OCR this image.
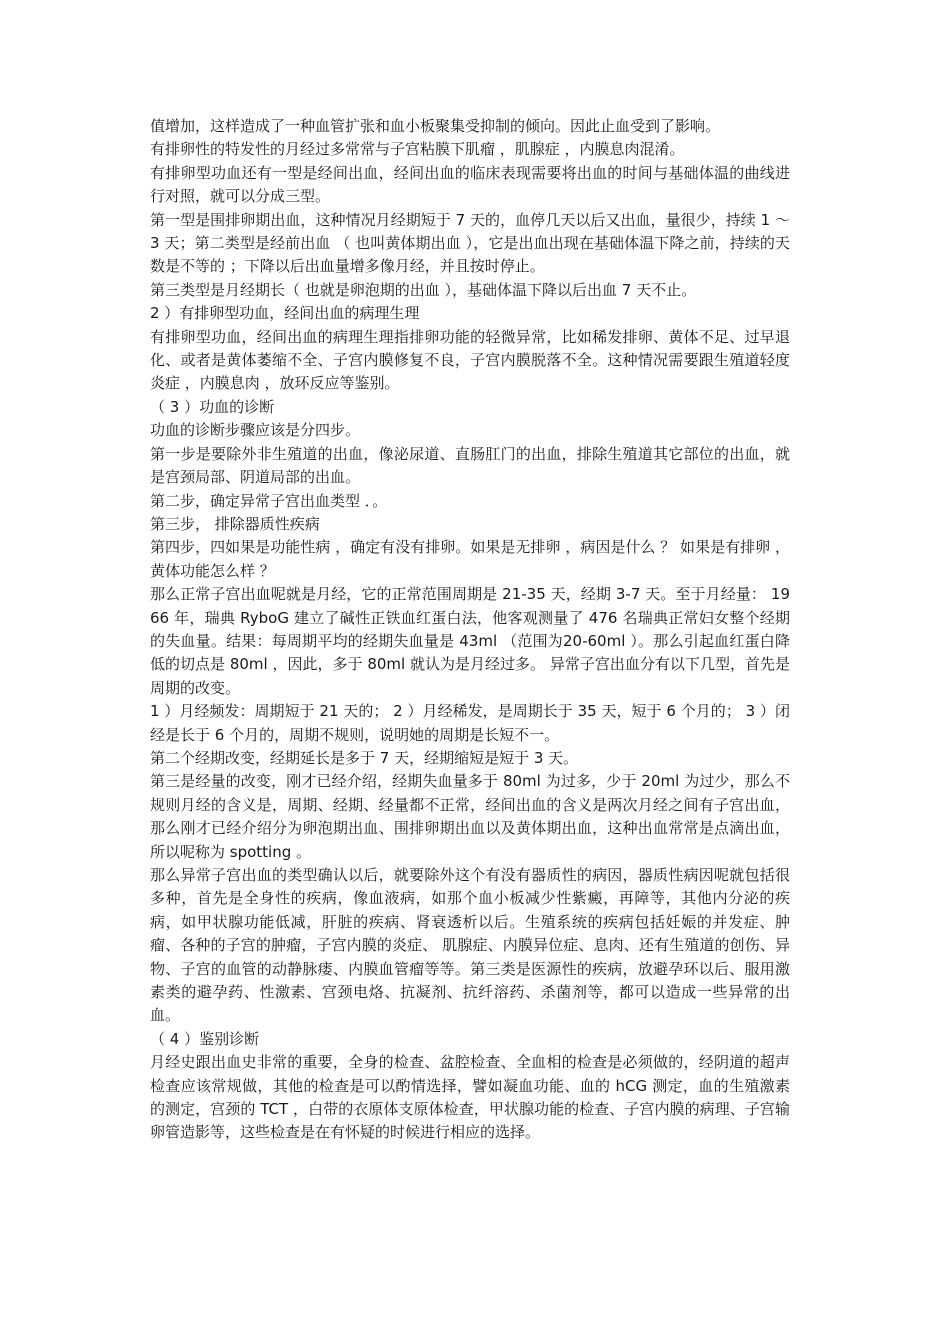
值增加，这样造成了一种血管扩张和血小板聚集受抑制的倾向。因此止血受到了影响。

有排卵性的特发性的月经过多常常与子宫粘膜下肌瘤 ，肌腺症 ，内膜息肉混淆。

有排卵型功血还有一型是经间出血，经间出血的临床表现需要将出血的时间与基础体温的曲线进行对照，就可以分成三型。

第一型是围排卵期出血，这种情况月经期短于 7 天的，血停几天以后又出血，量很少，持续 1 ～ 3 天；第二类型是经前出血 （ 也叫黄体期出血 ），它是出血出现在基础体温下降之前，持续的天数是不等的 ；下降以后出血量增多像月经，并且按时停止。

第三类型是月经期长（ 也就是卵泡期的出血 ），基础体温下降以后出血 7 天不止。

2 ）有排卵型功血，经间出血的病理生理

有排卵型功血，经间出血的病理生理指排卵功能的轻微异常，比如稀发排卵、黄体不足、过早退化、或者是黄体萎缩不全、子宫内膜修复不良，子宫内膜脱落不全。这种情况需要跟生殖道轻度炎症 ，内膜息肉 ，放环反应等鉴别。

（ 3 ）功血的诊断

功血的诊断步骤应该是分四步。

第一步是要除外非生殖道的出血，像泌尿道、直肠肛门的出血，排除生殖道其它部位的出血，就是宫颈局部、阴道局部的出血。

第二步，确定异常子宫出血类型 ．。

第三步， 排除器质性疾病

第四步，四如果是功能性病 ，确定有没有排卵。如果是无排卵 ，病因是什么 ？ 如果是有排卵 ，黄体功能怎么样 ？

那么正常子宫出血呢就是月经，它的正常范围周期是 21-35 天，经期 3-7 天。至于月经量： 1966 年，瑞典 RyboG 建立了碱性正铁血红蛋白法，他客观测量了 476 名瑞典正常妇女整个经期的失血量。结果：每周期平均的经期失血量是 43ml （范围为20-60ml ）。那么引起血红蛋白降低的切点是 80ml ，因此，多于 80ml 就认为是月经过多。 异常子宫出血分有以下几型，首先是周期的改变。

1 ）月经频发：周期短于 21 天的； 2 ）月经稀发，是周期长于 35 天，短于 6 个月的； 3 ）闭经是长于 6 个月的，周期不规则，说明她的周期是长短不一。

第二个经期改变，经期延长是多于 7 天，经期缩短是短于 3 天。

第三是经量的改变，刚才已经介绍，经期失血量多于 80ml 为过多，少于 20ml 为过少，那么不规则月经的含义是，周期、经期、经量都不正常，经间出血的含义是两次月经之间有子宫出血，那么刚才已经介绍分为卵泡期出血、围排卵期出血以及黄体期出血，这种出血常常是点滴出血，所以呢称为 spotting 。

那么异常子宫出血的类型确认以后，就要除外这个有没有器质性的病因，器质性病因呢就包括很多种，首先是全身性的疾病，像血液病，如那个血小板减少性紫癜，再障等，其他内分泌的疾病，如甲状腺功能低减，肝脏的疾病、肾衰透析以后。生殖系统的疾病包括妊娠的并发症、肿瘤、各种的子宫的肿瘤，子宫内膜的炎症、 肌腺症、内膜异位症、息肉、还有生殖道的创伤、异物、子宫的血管的动静脉瘘、内膜血管瘤等等。第三类是医源性的疾病，放避孕环以后、服用激素类的避孕药、性激素、宫颈电烙、抗凝剂、抗纤溶药、杀菌剂等，都可以造成一些异常的出血。

（ 4 ）鉴别诊断

月经史跟出血史非常的重要，全身的检查、盆腔检查、全血相的检查是必须做的，经阴道的超声检查应该常规做，其他的检查是可以酌情选择，譬如凝血功能、血的 hCG 测定，血的生殖激素的测定，宫颈的 TCT ，白带的衣原体支原体检查，甲状腺功能的检查、子宫内膜的病理、子宫输卵管造影等，这些检查是在有怀疑的时候进行相应的选择。
